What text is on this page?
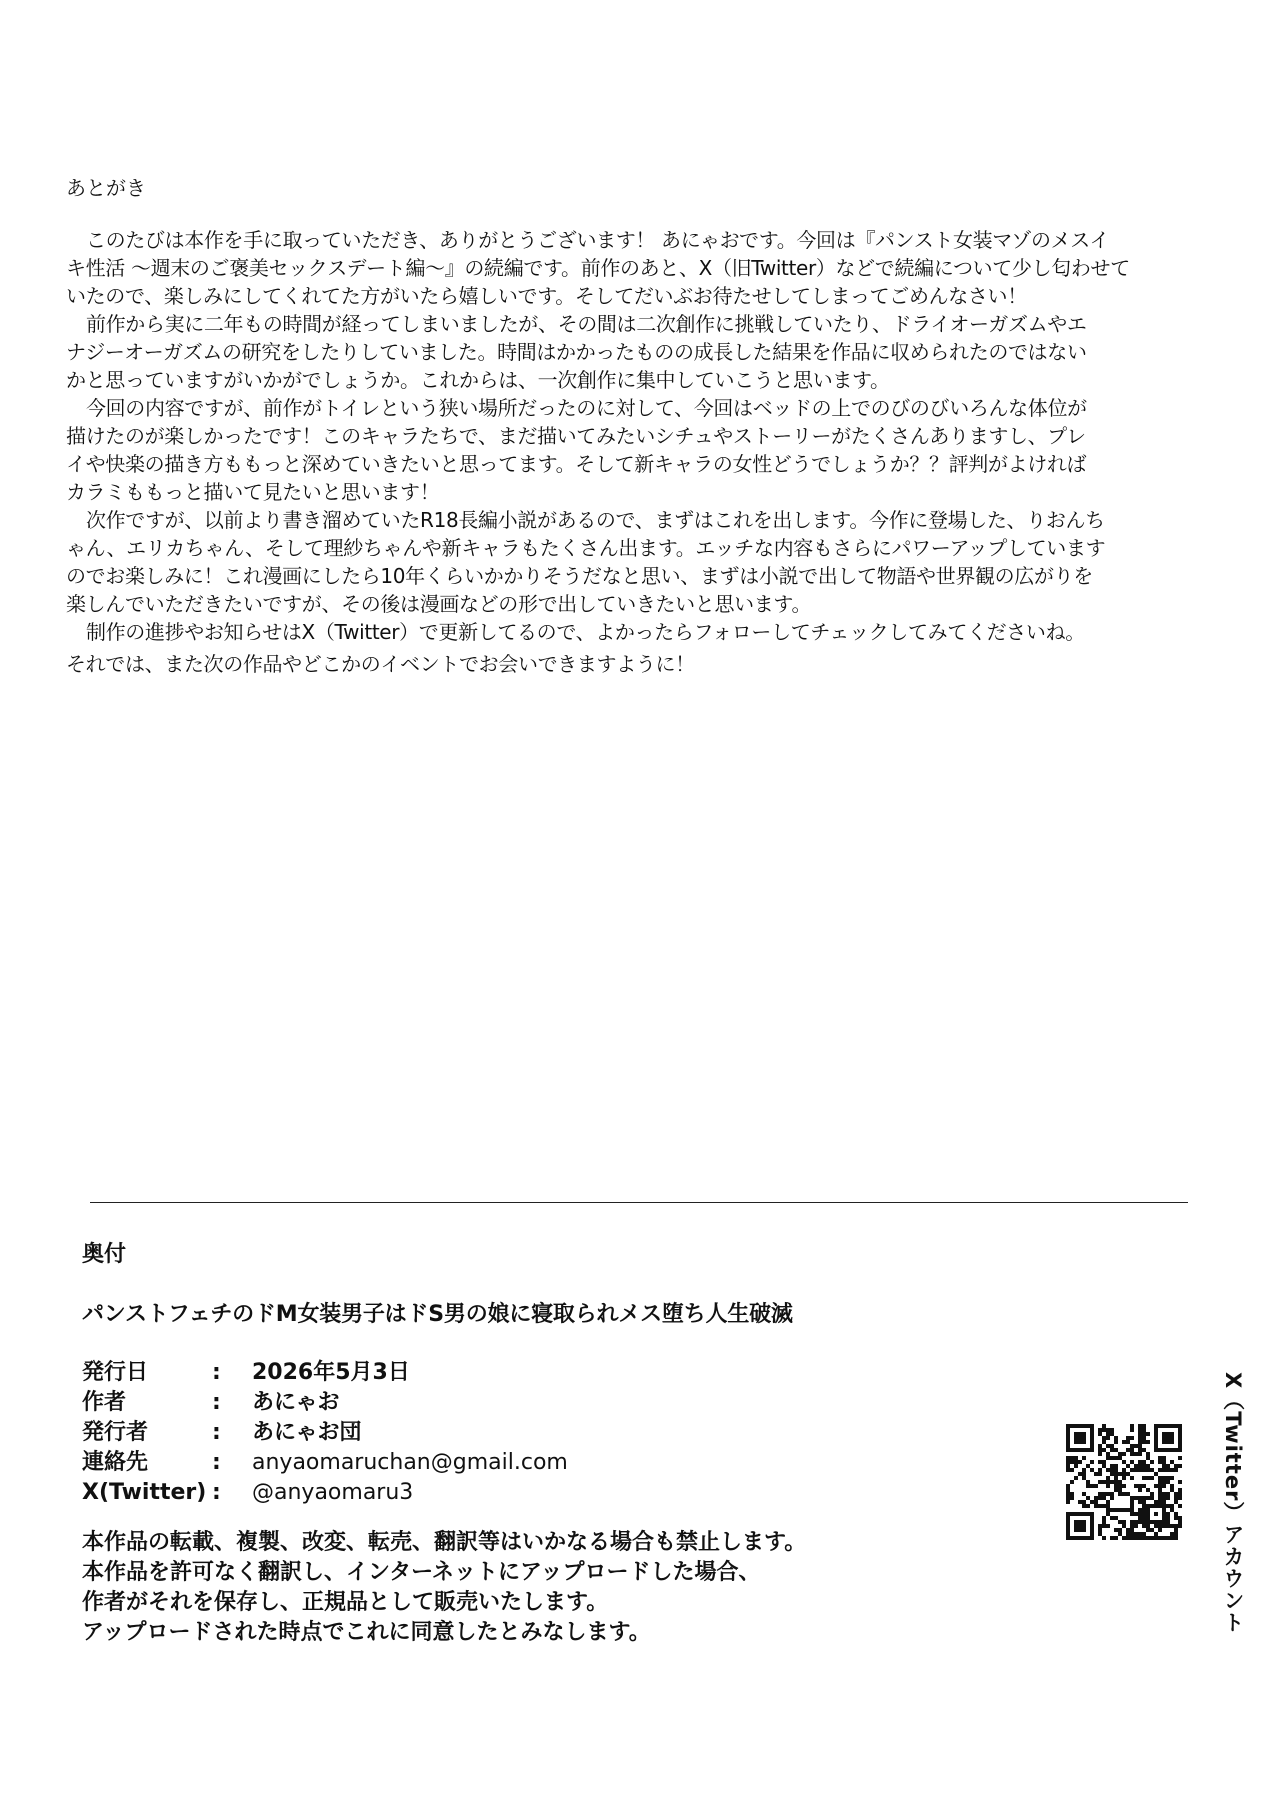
あとがき
このたびは本作を手に取っていただき、ありがとうございます！ あにゃおです。今回は『パンスト女装マゾのメスイ
キ性活 〜週末のご褒美セックスデート編〜』の続編です。前作のあと、X（旧Twitter）などで続編について少し匂わせて
いたので、楽しみにしてくれてた方がいたら嬉しいです。そしてだいぶお待たせしてしまってごめんなさい！
前作から実に二年もの時間が経ってしまいましたが、その間は二次創作に挑戦していたり、ドライオーガズムやエ
ナジーオーガズムの研究をしたりしていました。時間はかかったものの成長した結果を作品に収められたのではない
かと思っていますがいかがでしょうか。これからは、一次創作に集中していこうと思います。
今回の内容ですが、前作がトイレという狭い場所だったのに対して、今回はベッドの上でのびのびいろんな体位が
描けたのが楽しかったです！このキャラたちで、まだ描いてみたいシチュやストーリーがたくさんありますし、プレ
イや快楽の描き方ももっと深めていきたいと思ってます。そして新キャラの女性どうでしょうか？？評判がよければ
カラミももっと描いて見たいと思います！
次作ですが、以前より書き溜めていたR18長編小説があるので、まずはこれを出します。今作に登場した、りおんち
ゃん、エリカちゃん、そして理紗ちゃんや新キャラもたくさん出ます。エッチな内容もさらにパワーアップしています
のでお楽しみに！これ漫画にしたら10年くらいかかりそうだなと思い、まずは小説で出して物語や世界観の広がりを
楽しんでいただきたいですが、その後は漫画などの形で出していきたいと思います。
制作の進捗やお知らせはX（Twitter）で更新してるので、よかったらフォローしてチェックしてみてくださいね。
それでは、また次の作品やどこかのイベントでお会いできますように！
奥付
パンストフェチのドM女装男子はドS男の娘に寝取られメス堕ち人生破滅
発行日	: 2026年5月3日
作者	: あにゃお
発行者	: あにゃお団
連絡先	: anyaomaruchan@gmail.com
X(Twitter) : @anyaomaru3
本作品の転載、複製、改変、転売、翻訳等はいかなる場合も禁止します。
本作品を許可なく翻訳し、インターネットにアップロードした場合、
作者がそれを保存し、正規品として販売いたします。
アップロードされた時点でこれに同意したとみなします。	X（Twitter）アカウント
